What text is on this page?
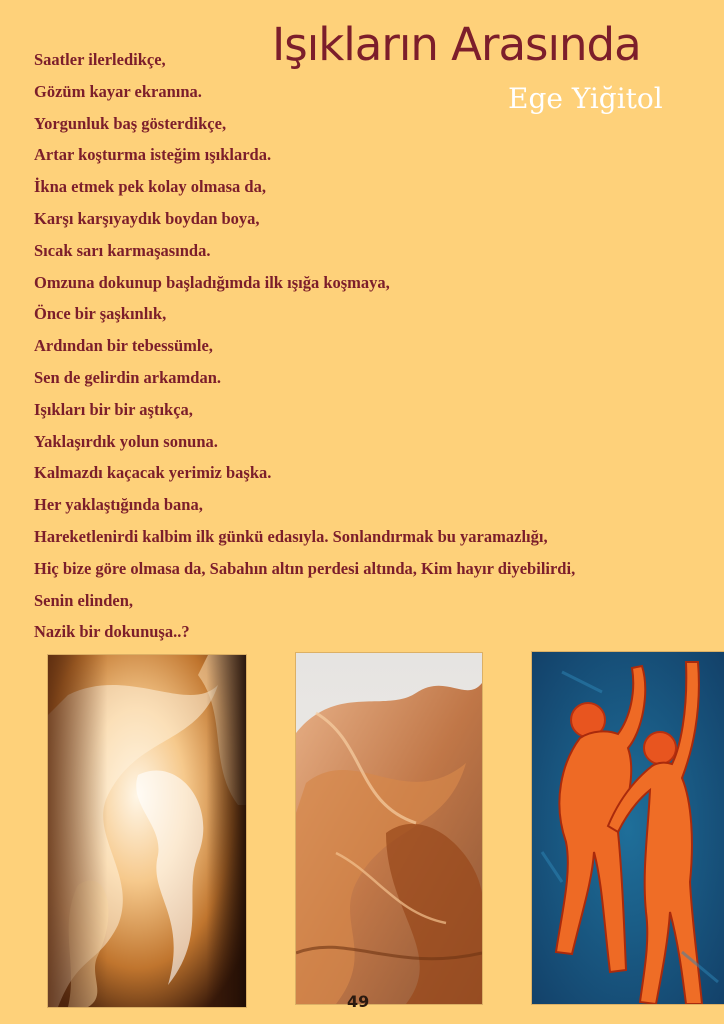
Işıkların Arasında
Ege Yiğitol
Saatler ilerledikçe,
Gözüm kayar ekranına.
Yorgunluk baş gösterdikçe,
Artar koşturma isteğim ışıklarda.
İkna etmek pek kolay olmasa da,
Karşı karşıyaydık boydan boya,
Sıcak sarı karmaşasında.
Omzuna dokunup başladığımda ilk ışığa koşmaya,
Önce bir şaşkınlık,
Ardından bir tebessümle,
Sen de gelirdin arkamdan.
Işıkları bir bir aştıkça,
Yaklaşırdık yolun sonuna.
Kalmazdı kaçacak yerimiz başka.
Her yaklaştığında bana,
Hareketlenirdi kalbim ilk günkü edasıyla. Sonlandırmak bu yaramazlığı,
Hiç bize göre olmasa da, Sabahın altın perdesi altında, Kim hayır diyebilirdi,
Senin elinden,
Nazik bir dokunuşa..?
49
